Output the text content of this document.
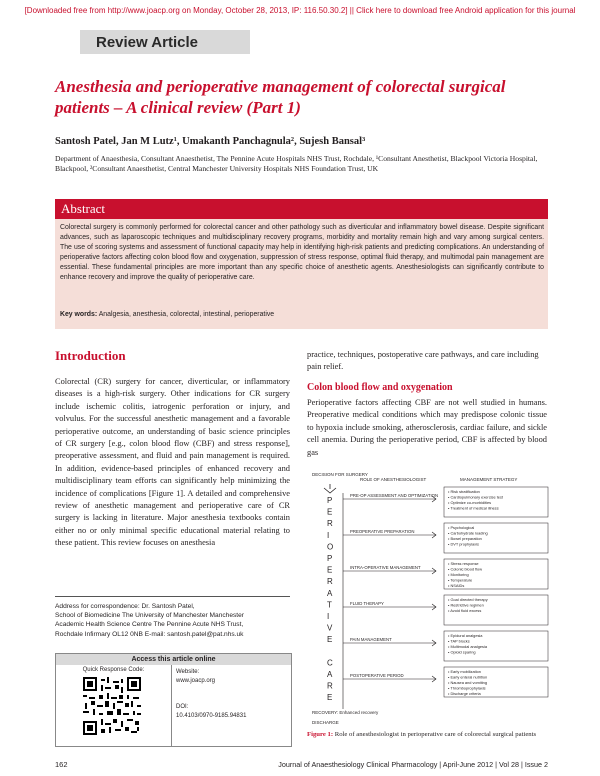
[Downloaded free from http://www.joacp.org on Monday, October 28, 2013, IP: 116.50.30.2] || Click here to download free Android application for this journal
Review Article
Anesthesia and perioperative management of colorectal surgical patients – A clinical review (Part 1)
Santosh Patel, Jan M Lutz¹, Umakanth Panchagnula², Sujesh Bansal³
Department of Anaesthesia, Consultant Anaesthetist, The Pennine Acute Hospitals NHS Trust, Rochdale, ¹Consultant Anesthetist, Blackpool Victoria Hospital, Blackpool, ²Consultant Anaesthetist, Central Manchester University Hospitals NHS Foundation Trust, UK
Abstract
Colorectal surgery is commonly performed for colorectal cancer and other pathology such as diverticular and inflammatory bowel disease. Despite significant advances, such as laparoscopic techniques and multidisciplinary recovery programs, morbidity and mortality remain high and vary among surgical centers. The use of scoring systems and assessment of functional capacity may help in identifying high-risk patients and predicting complications. An understanding of perioperative factors affecting colon blood flow and oxygenation, suppression of stress response, optimal fluid therapy, and multimodal pain management are essential. These fundamental principles are more important than any specific choice of anesthetic agents. Anesthesiologists can significantly contribute to enhance recovery and improve the quality of perioperative care.
Key words: Analgesia, anesthesia, colorectal, intestinal, perioperative
Introduction
Colorectal (CR) surgery for cancer, diverticular, or inflammatory diseases is a high-risk surgery. Other indications for CR surgery include ischemic colitis, iatrogenic perforation or injury, and volvulus. For the successful anesthetic management and a favorable perioperative outcome, an understanding of basic science principles of CR surgery [e.g., colon blood flow (CBF) and stress response], preoperative assessment, and fluid and pain management is required. In addition, evidence-based principles of enhanced recovery and multidisciplinary team efforts can significantly help minimizing the incidence of complications [Figure 1]. A detailed and comprehensive review of anesthetic management and perioperative care of CR surgery is lacking in literature. Major anesthesia textbooks contain either no or only minimal specific educational material relating to these patient. This review focuses on anesthesia
practice, techniques, postoperative care pathways, and care including pain relief.
Colon blood flow and oxygenation
Perioperative factors affecting CBF are not well studied in humans. Preoperative medical conditions which may predispose colonic tissue to hypoxia include smoking, atherosclerosis, cardiac failure, and sickle cell anemia. During the perioperative period, CBF is affected by blood gas
Address for correspondence: Dr. Santosh Patel,
School of Biomedicine The University of Manchester Manchester
Academic Health Science Centre The Pennine Acute NHS Trust,
Rochdale Infirmary OL12 0NB E-mail: santosh.patel@pat.nhs.uk
Access this article online
Quick Response Code:	Website:
www.joacp.org
DOI:
10.4103/0970-9185.94831
DECISION FOR SURGERY
ROLE OF ANESTHESIOLOGIST	MANAGEMENT STRATEGY
P
E
R
I
O
P
E
R
A
T
I
V
E
C
A
R
E
PRE-OP ASSESSMENT AND OPTIMIZATION
PREOPERATIVE PREPARATION
INTRA-OPERATIVE MANAGEMENT
FLUID THERAPY
PAIN MANAGEMENT
POSTOPERATIVE PERIOD
• Risk stratification
• Cardiopulmonary exercise test
• Optimize co-morbidities
• Treatment of medical illness
• Psychological
• Carbohydrate loading
• Bowel preparation
• DVT prophylaxis
• Stress response
• Colonic blood flow
• Monitoring
• Temperature
• NSAIDs
• Goal directed therapy
• Restrictive regimen
• Avoid fluid excess
• Epidural analgesia
• TAP blocks
• Multimodal analgesia
• Opioid sparing
• Early mobilization
• Early enteral nutrition
• Nausea and vomiting
• Thromboprophylaxis
• Discharge criteria
RECOVERY: Enhanced recovery
DISCHARGE
Figure 1: Role of anesthesiologist in perioperative care of colorectal surgical patients
162	Journal of Anaesthesiology Clinical Pharmacology | April-June 2012 | Vol 28 | Issue 2
